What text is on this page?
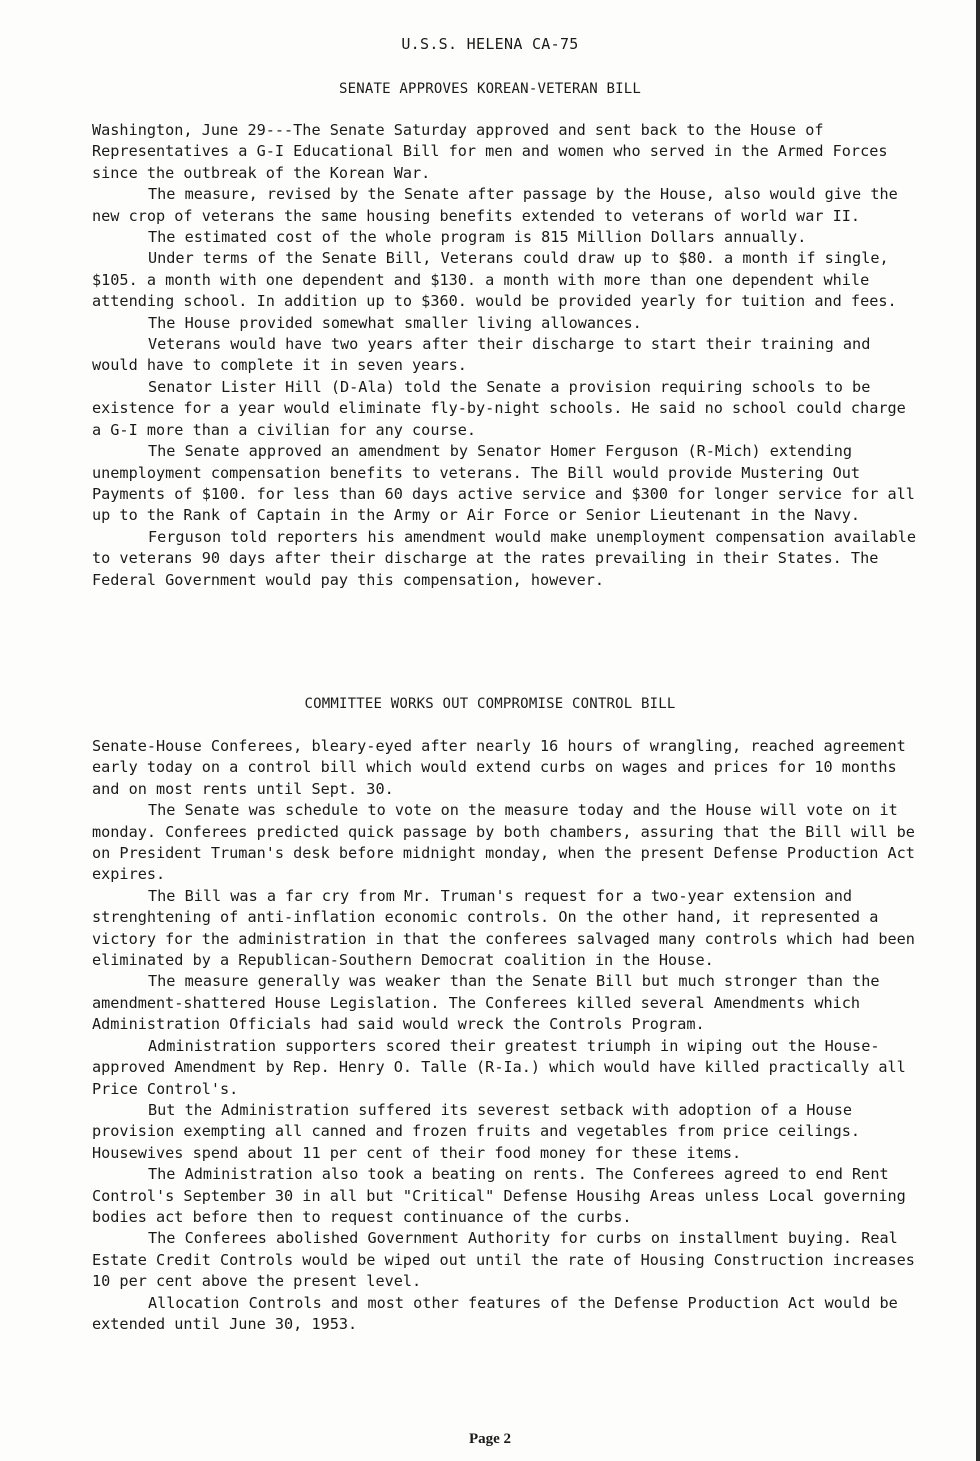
U.S.S. HELENA CA-75
SENATE APPROVES KOREAN-VETERAN BILL

Washington, June 29---The Senate Saturday approved and sent back to the House of Representatives a G-I Educational Bill for men and women who served in the Armed Forces since the outbreak of the Korean War.

The measure, revised by the Senate after passage by the House, also would give the new crop of veterans the same housing benefits extended to veterans of world war II.

The estimated cost of the whole program is 815 Million Dollars annually.

Under terms of the Senate Bill, Veterans could draw up to $80. a month if single, $105. a month with one dependent and $130. a month with more than one dependent while attending school. In addition up to $360. would be provided yearly for tuition and fees.

The House provided somewhat smaller living allowances.

Veterans would have two years after their discharge to start their training and would have to complete it in seven years.

Senator Lister Hill (D-Ala) told the Senate a provision requiring schools to be existence for a year would eliminate fly-by-night schools. He said no school could charge a G-I more than a civilian for any course.

The Senate approved an amendment by Senator Homer Ferguson (R-Mich) extending unemployment compensation benefits to veterans. The Bill would provide Mustering Out Payments of $100. for less than 60 days active service and $300 for longer service for all up to the Rank of Captain in the Army or Air Force or Senior Lieutenant in the Navy.

Ferguson told reporters his amendment would make unemployment compensation available to veterans 90 days after their discharge at the rates prevailing in their States. The Federal Government would pay this compensation, however.

COMMITTEE WORKS OUT COMPROMISE CONTROL BILL

Senate-House Conferees, bleary-eyed after nearly 16 hours of wrangling, reached agreement early today on a control bill which would extend curbs on wages and prices for 10 months and on most rents until Sept. 30.

The Senate was schedule to vote on the measure today and the House will vote on it monday. Conferees predicted quick passage by both chambers, assuring that the Bill will be on President Truman's desk before midnight monday, when the present Defense Production Act expires.

The Bill was a far cry from Mr. Truman's request for a two-year extension and strenghtening of anti-inflation economic controls. On the other hand, it represented a victory for the administration in that the conferees salvaged many controls which had been eliminated by a Republican-Southern Democrat coalition in the House.

The measure generally was weaker than the Senate Bill but much stronger than the amendment-shattered House Legislation. The Conferees killed several Amendments which Administration Officials had said would wreck the Controls Program.

Administration supporters scored their greatest triumph in wiping out the House-approved Amendment by Rep. Henry O. Talle (R-Ia.) which would have killed practically all Price Control's.

But the Administration suffered its severest setback with adoption of a House provision exempting all canned and frozen fruits and vegetables from price ceilings. Housewives spend about 11 per cent of their food money for these items.

The Administration also took a beating on rents. The Conferees agreed to end Rent Control's September 30 in all but "Critical" Defense Housihg Areas unless Local governing bodies act before then to request continuance of the curbs.

The Conferees abolished Government Authority for curbs on installment buying. Real Estate Credit Controls would be wiped out until the rate of Housing Construction increases 10 per cent above the present level.

Allocation Controls and most other features of the Defense Production Act would be extended until June 30, 1953.

Page 2
